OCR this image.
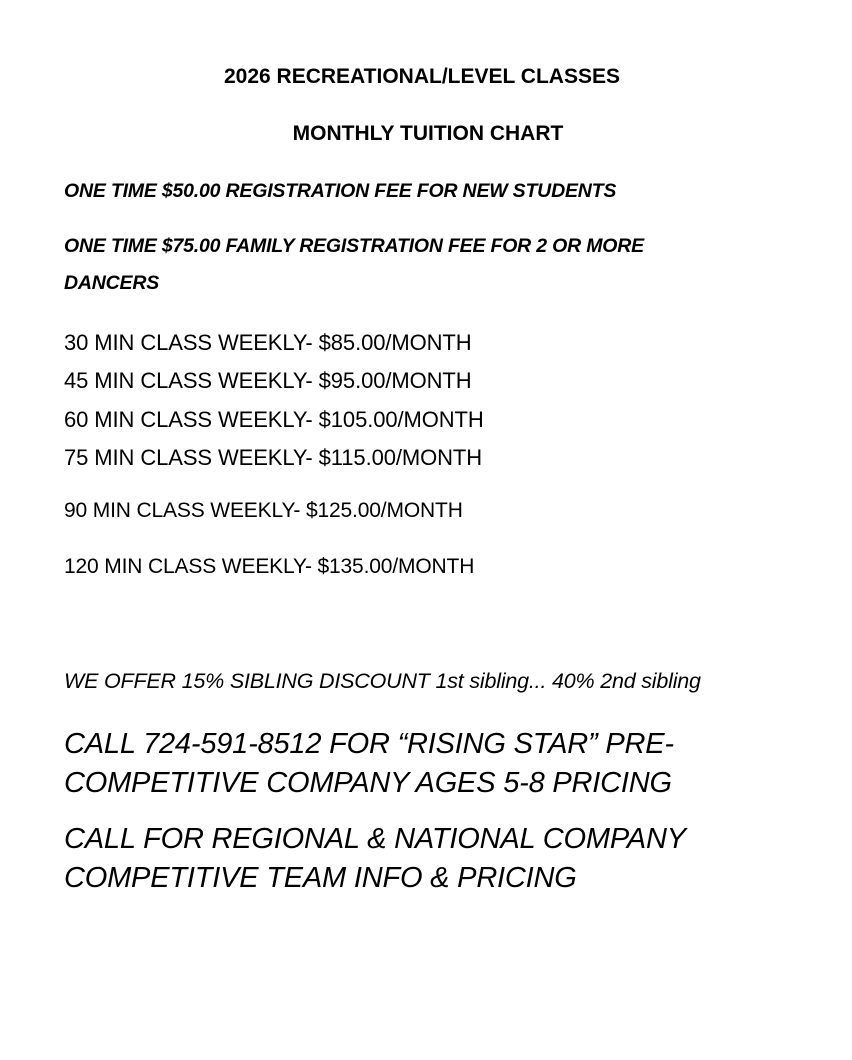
2026 RECREATIONAL/LEVEL CLASSES
MONTHLY TUITION CHART

ONE TIME $50.00 REGISTRATION FEE FOR NEW STUDENTS

ONE TIME $75.00 FAMILY REGISTRATION FEE FOR 2 OR MORE DANCERS

30 MIN CLASS WEEKLY- $85.00/MONTH
45 MIN CLASS WEEKLY- $95.00/MONTH
60 MIN CLASS WEEKLY- $105.00/MONTH
75 MIN CLASS WEEKLY- $115.00/MONTH

90 MIN CLASS WEEKLY- $125.00/MONTH

120 MIN CLASS WEEKLY- $135.00/MONTH

WE OFFER 15% SIBLING DISCOUNT 1st sibling... 40% 2nd sibling

CALL 724-591-8512 FOR “RISING STAR” PRE-COMPETITIVE COMPANY AGES 5-8 PRICING

CALL FOR REGIONAL & NATIONAL COMPANY COMPETITIVE TEAM INFO & PRICING
